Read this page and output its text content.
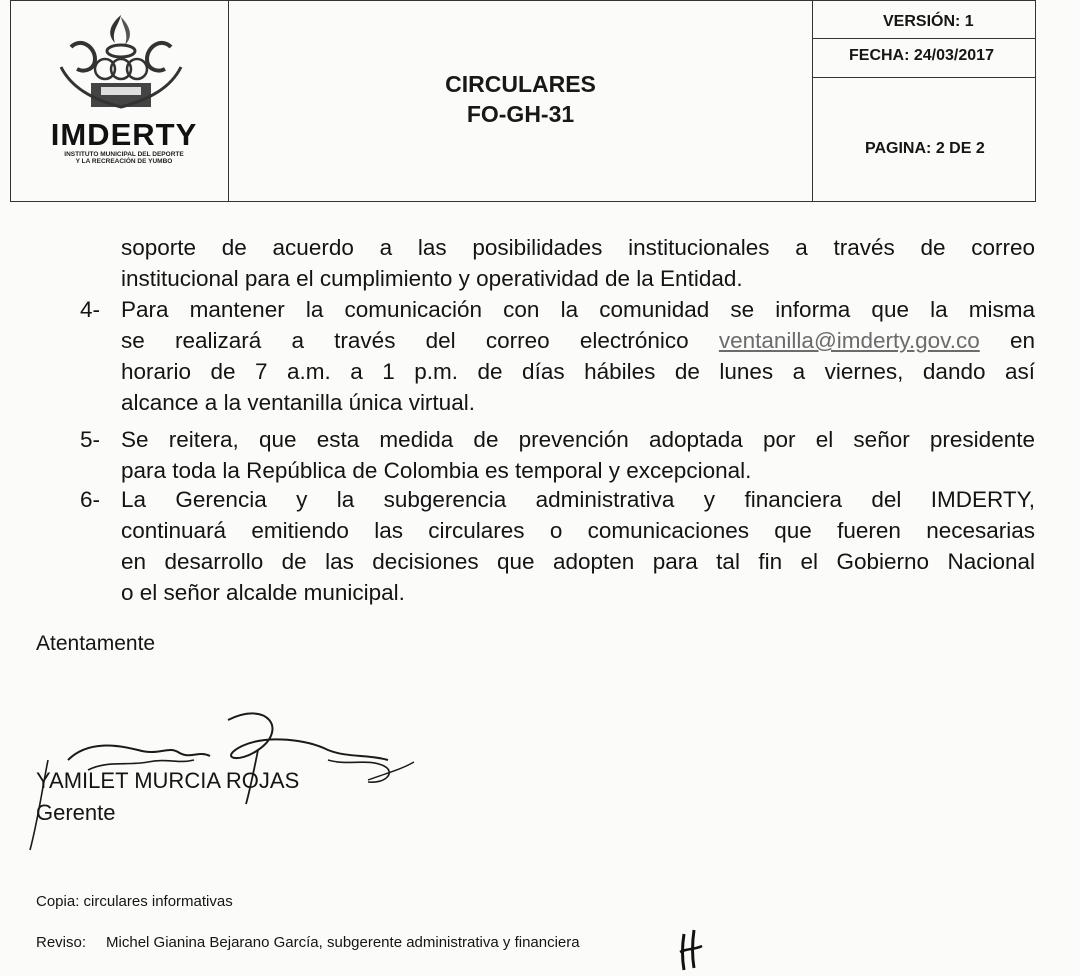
IMDERTY
INSTITUTO MUNICIPAL DEL DEPORTE
Y LA RECREACIÓN DE YUMBO
CIRCULARES
FO-GH-31
VERSIÓN: 1
FECHA: 24/03/2017
PAGINA: 2 DE 2
soporte de acuerdo a las posibilidades institucionales a través de correo
institucional para el cumplimiento y operatividad de la Entidad.
4- Para mantener la comunicación con la comunidad se informa que la misma
se realizará a través del correo electrónico ventanilla@imderty.gov.co en
horario de 7 a.m. a 1 p.m. de días hábiles de lunes a viernes, dando así
alcance a la ventanilla única virtual.
5- Se reitera, que esta medida de prevención adoptada por el señor presidente
para toda la República de Colombia es temporal y excepcional.
6- La Gerencia y la subgerencia administrativa y financiera del IMDERTY,
continuará emitiendo las circulares o comunicaciones que fueren necesarias
en desarrollo de las decisiones que adopten para tal fin el Gobierno Nacional
o el señor alcalde municipal.
Atentamente
YAMILET MURCIA ROJAS
Gerente
Copia: circulares informativas
Reviso: Michel Gianina Bejarano García, subgerente administrativa y financiera
